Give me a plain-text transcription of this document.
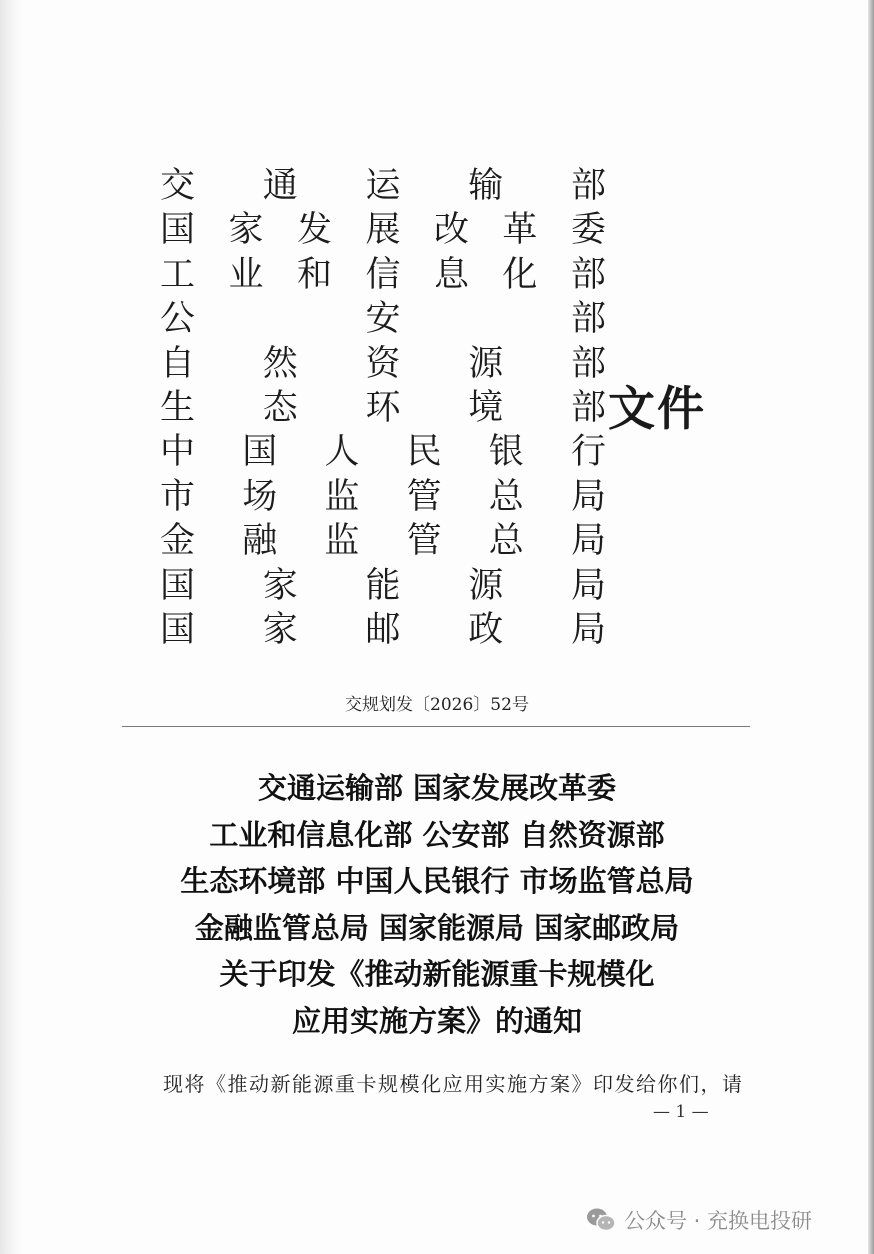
交 通 运 输 部
国 家 发 展 改 革 委
工 业 和 信 息 化 部
公	安	部
自 然 资 源 部
生 态 环 境 部
中 国 人 民 银 行
市 场 监 管 总 局
金 融 监 管 总 局
国 家 能 源 局
国 家 邮 政 局
文件
交规划发〔2026〕52号
交通运输部 国家发展改革委
工业和信息化部 公安部 自然资源部
生态环境部 中国人民银行 市场监管总局
金融监管总局 国家能源局 国家邮政局
关于印发《推动新能源重卡规模化
应用实施方案》的通知
现将《推动新能源重卡规模化应用实施方案》印发给你们，请
— 1 —
公众号 · 充换电投研
